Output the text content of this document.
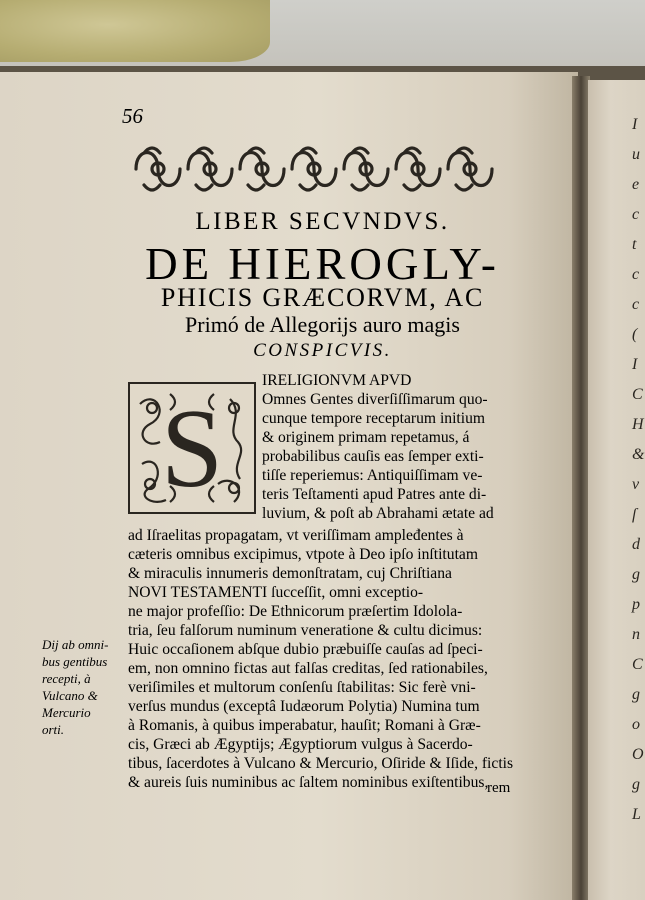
I
u
e
c
t
c
c
(
I
C
H
&
v
ſ
d
g
p
n
C
g
o
O
g
L
56
LIBER SECVNDVS.
DE HIEROGLY-
PHICIS GRÆCORVM, AC
Primó de Allegorijs auro magis
CONSPICVIS.
S
IRELIGIONVM APVD
Omnes Gentes diverſiſſimarum quo-
cunque tempore receptarum initium
& originem primam repetamus, á
probabilibus cauſis eas ſemper exti-
tiſſe reperiemus: Antiquiſſimam ve-
teris Teſtamenti apud Patres ante di-
luvium, & poſt ab Abrahami ætate ad
ad Iſraelitas propagatam, vt veriſſimam ampleđentes à
cæteris omnibus excipimus, vtpote à Deo ipſo inſtitutam
& miraculis innumeris demonſtratam, cuj Chriſtiana
NOVI TESTAMENTI ſucceſſit, omni exceptio-
ne major profeſſio: De Ethnicorum præſertim Idolola-
tria, ſeu falſorum numinum veneratione & cultu dicimus:
Huic occaſionem abſque dubio præbuiſſe cauſas ad ſpeci-
em, non omnino fictas aut falſas creditas, ſed rationabiles,
veriſimiles et multorum conſenſu ſtabilitas: Sic ferè vni-
verſus mundus (exceptâ Iudæorum Polytia) Numina tum
à Romanis, à quibus imperabatur, hauſit; Romani à Græ-
cis, Græci ab Ægyptijs; Ægyptiorum vulgus à Sacerdo-
tibus, ſacerdotes à Vulcano & Mercurio, Oſiride & Iſide, fictis
& aureis ſuis numinibus ac ſaltem nominibus exiſtentibus,
Dij ab omni-
bus gentibus
recepti, à
Vulcano &
Mercurio
orti.
rem
